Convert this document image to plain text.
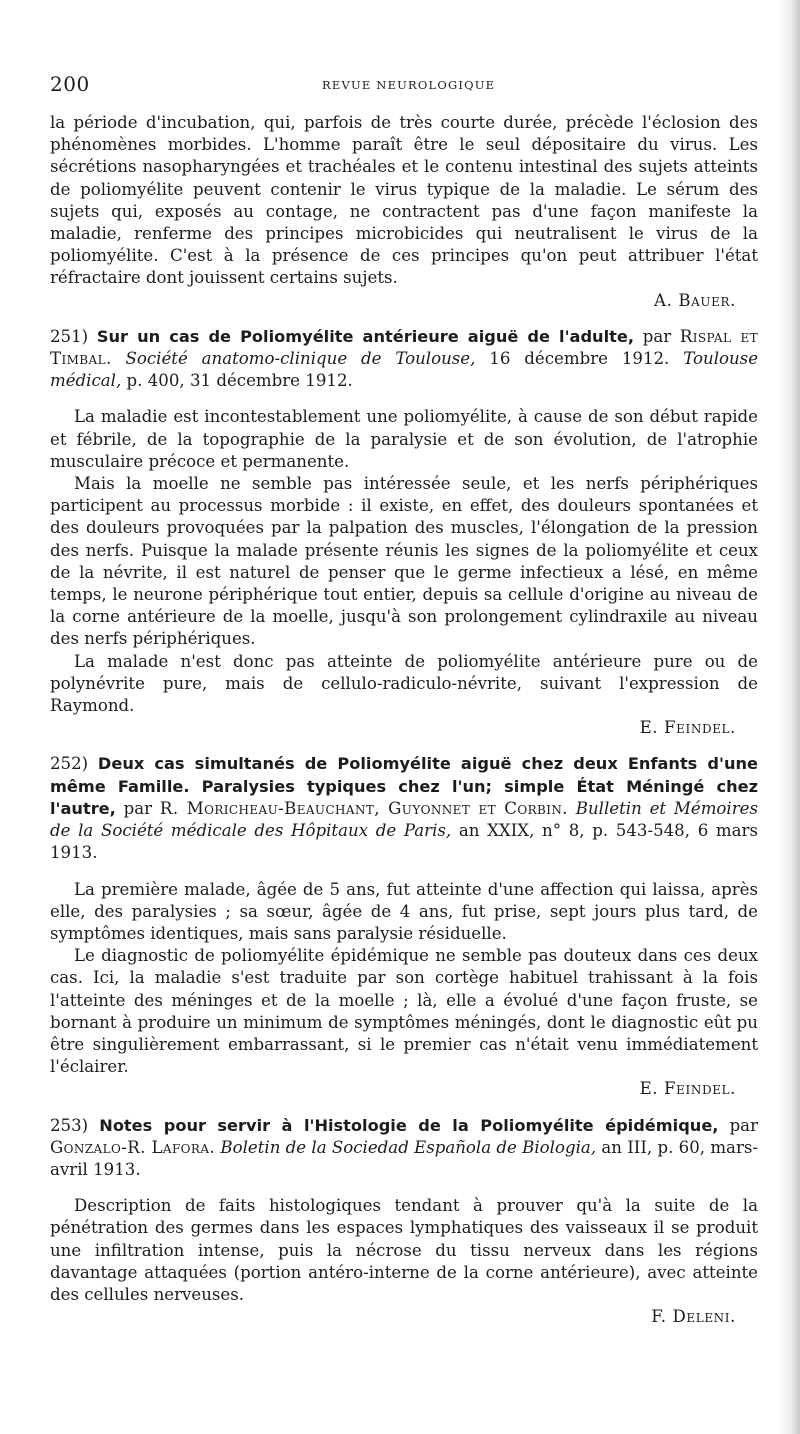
200	REVUE NEUROLOGIQUE

la période d'incubation, qui, parfois de très courte durée, précède l'éclosion des phénomènes morbides. L'homme paraît être le seul dépositaire du virus. Les sécrétions nasopharyngées et trachéales et le contenu intestinal des sujets atteints de poliomyélite peuvent contenir le virus typique de la maladie. Le sérum des sujets qui, exposés au contage, ne contractent pas d'une façon manifeste la maladie, renferme des principes microbicides qui neutralisent le virus de la poliomyélite. C'est à la présence de ces principes qu'on peut attribuer l'état réfractaire dont jouissent certains sujets.

A. Bauer.

251) Sur un cas de Poliomyélite antérieure aiguë de l'adulte, par Rispal et Timbal. Société anatomo-clinique de Toulouse, 16 décembre 1912. Toulouse médical, p. 400, 31 décembre 1912.

La maladie est incontestablement une poliomyélite, à cause de son début rapide et fébrile, de la topographie de la paralysie et de son évolution, de l'atrophie musculaire précoce et permanente.

Mais la moelle ne semble pas intéressée seule, et les nerfs périphériques participent au processus morbide : il existe, en effet, des douleurs spontanées et des douleurs provoquées par la palpation des muscles, l'élongation de la pression des nerfs. Puisque la malade présente réunis les signes de la poliomyélite et ceux de la névrite, il est naturel de penser que le germe infectieux a lésé, en même temps, le neurone périphérique tout entier, depuis sa cellule d'origine au niveau de la corne antérieure de la moelle, jusqu'à son prolongement cylindraxile au niveau des nerfs périphériques.

La malade n'est donc pas atteinte de poliomyélite antérieure pure ou de polynévrite pure, mais de cellulo-radiculo-névrite, suivant l'expression de Raymond.

E. Feindel.

252) Deux cas simultanés de Poliomyélite aiguë chez deux Enfants d'une même Famille. Paralysies typiques chez l'un; simple État Méningé chez l'autre, par R. Moricheau-Beauchant, Guyonnet et Corbin. Bulletin et Mémoires de la Société médicale des Hôpitaux de Paris, an XXIX, n° 8, p. 543-548, 6 mars 1913.

La première malade, âgée de 5 ans, fut atteinte d'une affection qui laissa, après elle, des paralysies ; sa sœur, âgée de 4 ans, fut prise, sept jours plus tard, de symptômes identiques, mais sans paralysie résiduelle.

Le diagnostic de poliomyélite épidémique ne semble pas douteux dans ces deux cas. Ici, la maladie s'est traduite par son cortège habituel trahissant à la fois l'atteinte des méninges et de la moelle ; là, elle a évolué d'une façon fruste, se bornant à produire un minimum de symptômes méningés, dont le diagnostic eût pu être singulièrement embarrassant, si le premier cas n'était venu immédiatement l'éclairer.

E. Feindel.

253) Notes pour servir à l'Histologie de la Poliomyélite épidémique, par Gonzalo-R. Lafora. Boletin de la Sociedad Española de Biologia, an III, p. 60, mars-avril 1913.

Description de faits histologiques tendant à prouver qu'à la suite de la pénétration des germes dans les espaces lymphatiques des vaisseaux il se produit une infiltration intense, puis la nécrose du tissu nerveux dans les régions davantage attaquées (portion antéro-interne de la corne antérieure), avec atteinte des cellules nerveuses.

F. Deleni.
